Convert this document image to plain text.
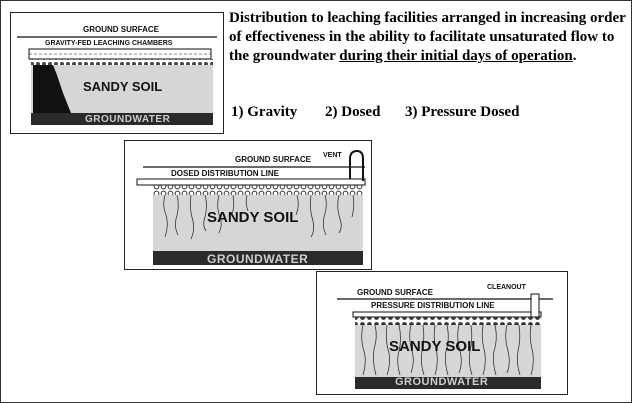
GROUND SURFACE
GRAVITY-FED LEACHING CHAMBERS
SANDY SOIL
GROUNDWATER
Distribution to leaching facilities arranged in increasing order of effectiveness in the ability to facilitate unsaturated flow to the groundwater during their initial days of operation.
1) Gravity 2) Dosed 3) Pressure Dosed
GROUND SURFACE VENT
DOSED DISTRIBUTION LINE
SANDY SOIL
GROUNDWATER
GROUND SURFACE
CLEANOUT
PRESSURE DISTRIBUTION LINE
SANDY SOIL
GROUNDWATER
